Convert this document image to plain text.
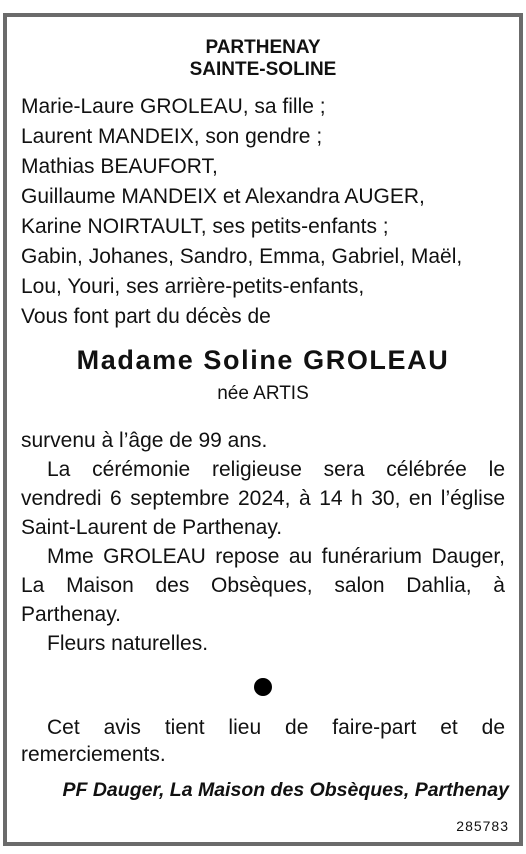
PARTHENAY
SAINTE-SOLINE
Marie-Laure GROLEAU, sa fille ;
Laurent MANDEIX, son gendre ;
Mathias BEAUFORT,
Guillaume MANDEIX et Alexandra AUGER,
Karine NOIRTAULT, ses petits-enfants ;
Gabin, Johanes, Sandro, Emma, Gabriel, Maël,
Lou, Youri, ses arrière-petits-enfants,
Vous font part du décès de
Madame Soline GROLEAU
née ARTIS

survenu à l’âge de 99 ans.

La cérémonie religieuse sera célébrée le vendredi 6 septembre 2024, à 14 h 30, en l’église Saint-Laurent de Parthenay.

Mme GROLEAU repose au funérarium Dauger, La Maison des Obsèques, salon Dahlia, à Parthenay.

Fleurs naturelles.

Cet avis tient lieu de faire-part et de remerciements.
PF Dauger, La Maison des Obsèques, Parthenay
285783
